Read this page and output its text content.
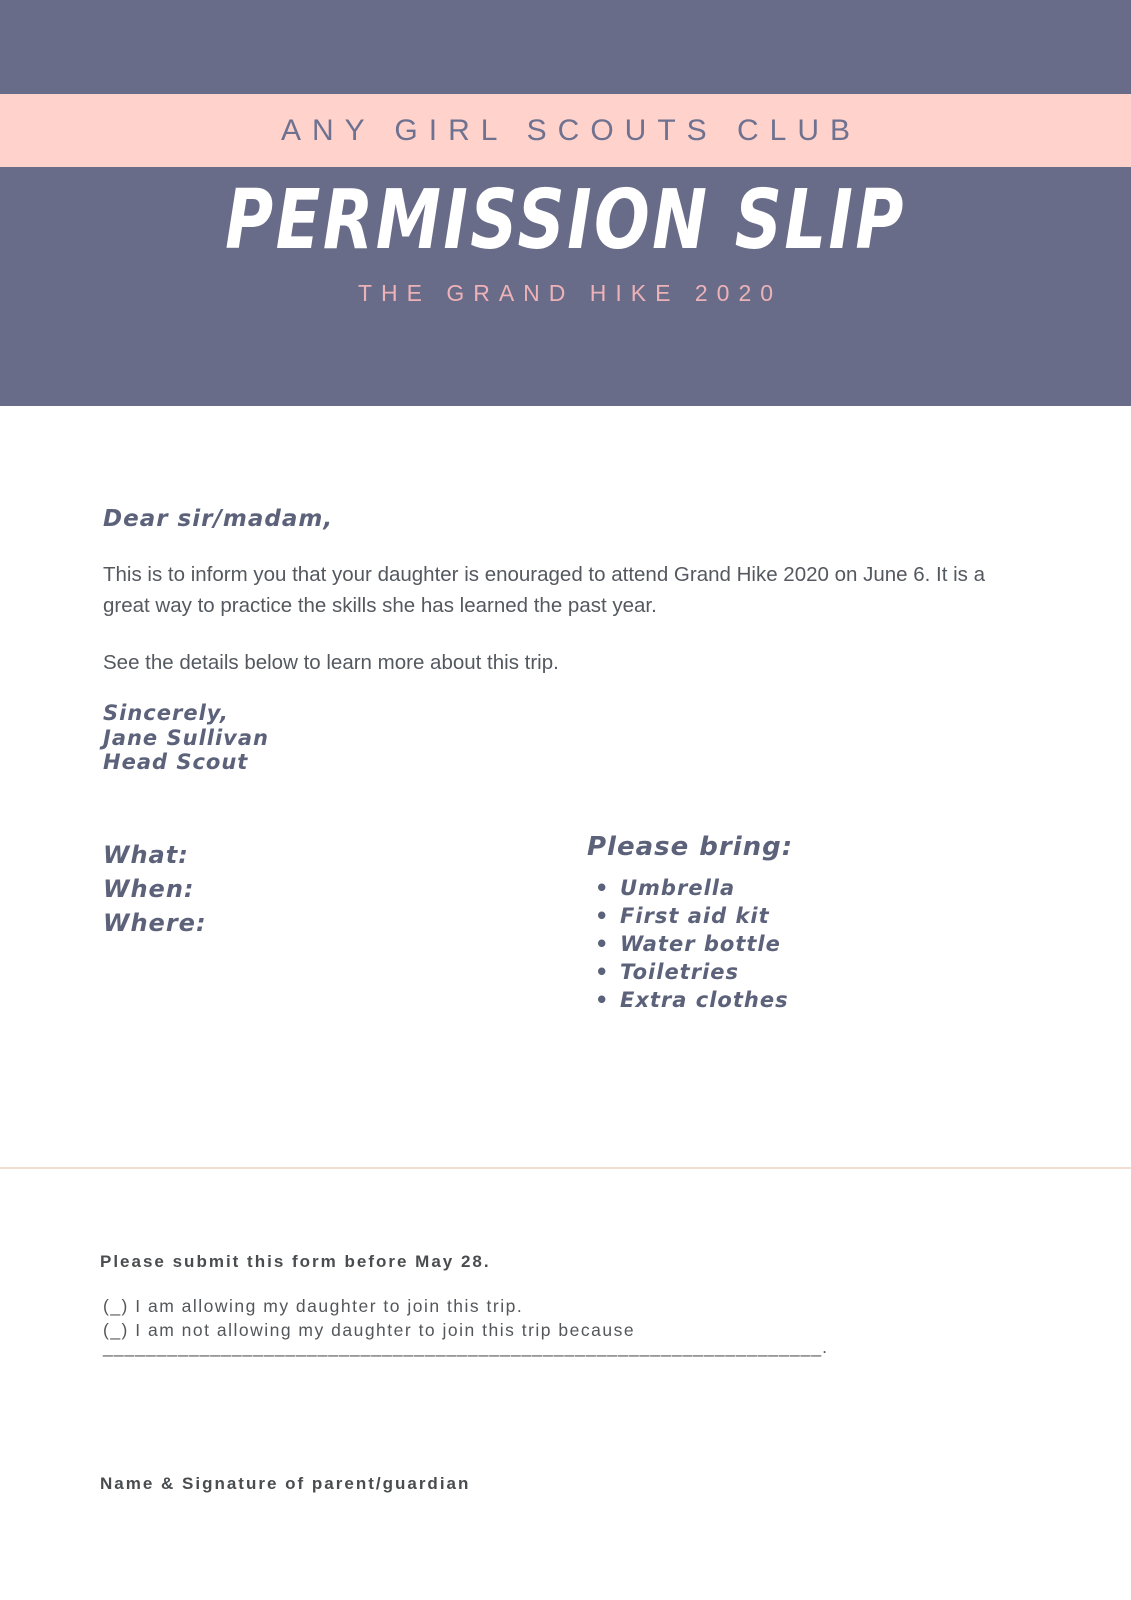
ANY GIRL SCOUTS CLUB
PERMISSION SLIP
THE GRAND HIKE 2020

Dear sir/madam,

This is to inform you that your daughter is enouraged to attend Grand Hike 2020 on June 6. It is a great way to practice the skills she has learned the past year.

See the details below to learn more about this trip.

Sincerely,
Jane Sullivan
Head Scout
What:
When:
Where:
Please bring:
• Umbrella
• First aid kit
• Water bottle
• Toiletries
• Extra clothes

Please submit this form before May 28.

(_) I am allowing my daughter to join this trip.

(_) I am not allowing my daughter to join this trip because

___________________________________________________________________.

Name & Signature of parent/guardian
